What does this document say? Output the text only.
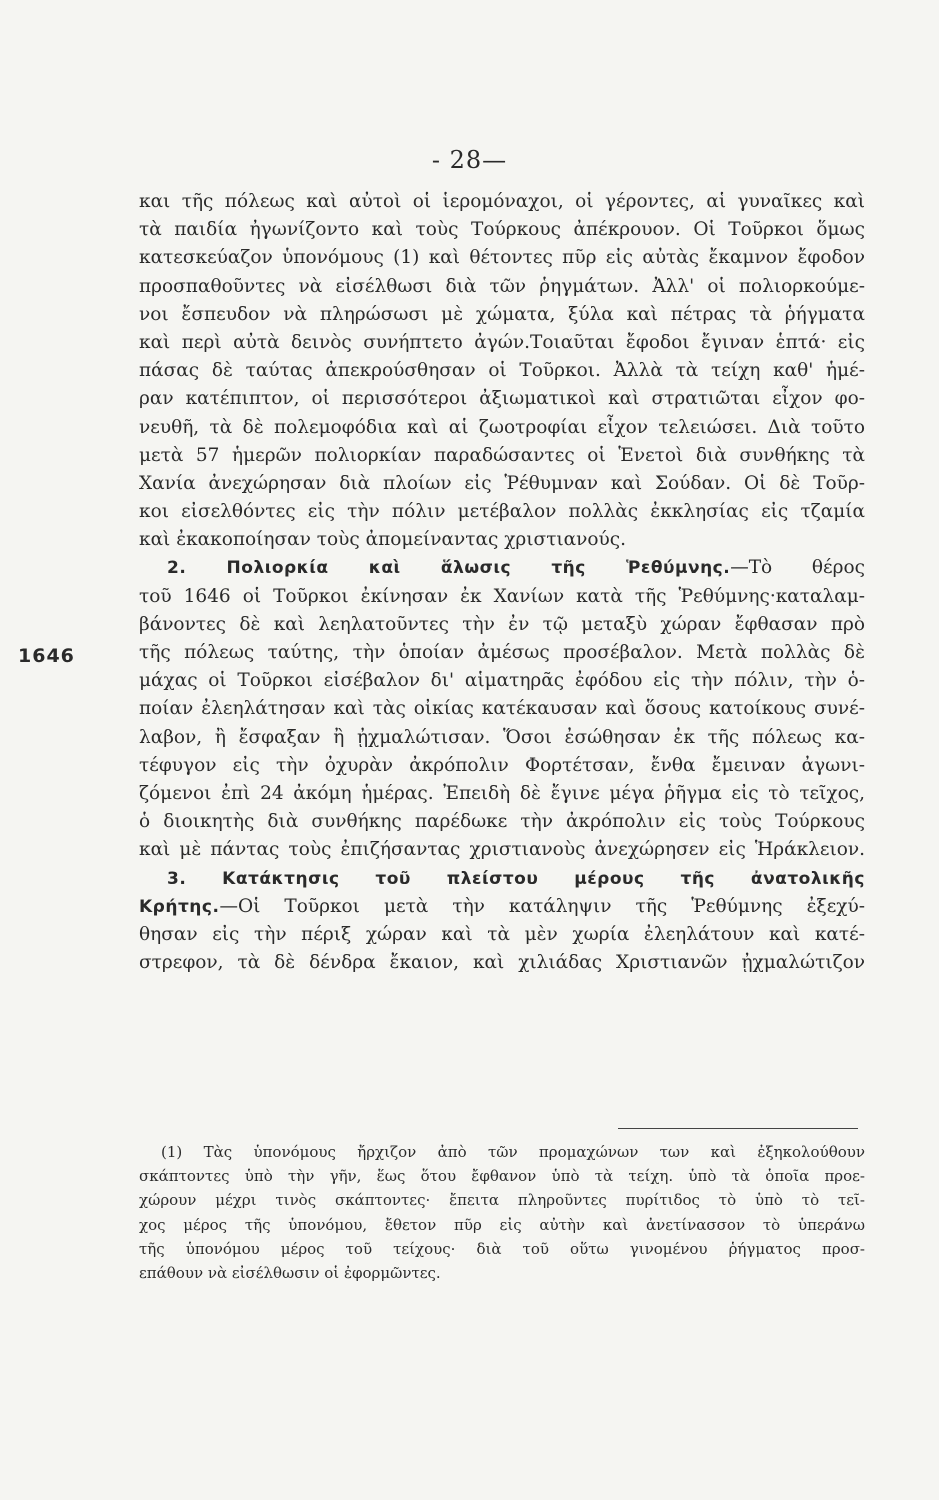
- 28—
1646
και τῆς πόλεως καὶ αὐτοὶ οἱ ἱερομόναχοι, οἱ γέροντες, αἱ γυναῖκες καὶ
τὰ παιδία ἠγωνίζοντο καὶ τοὺς Τούρκους ἀπέκρουον. Οἱ Τοῦρκοι ὅμως
κατεσκεύαζον ὑπονόμους (1) καὶ θέτοντες πῦρ εἰς αὐτὰς ἔκαμνον ἔφοδον
προσπαθοῦντες νὰ εἰσέλθωσι διὰ τῶν ῥηγμάτων. Ἀλλ' οἱ πολιορκούμε-
νοι ἔσπευδον νὰ πληρώσωσι μὲ χώματα, ξύλα καὶ πέτρας τὰ ῥήγματα
καὶ περὶ αὐτὰ δεινὸς συνήπτετο ἀγών.Τοιαῦται ἔφοδοι ἔγιναν ἑπτά· εἰς
πάσας δὲ ταύτας ἀπεκρούσθησαν οἱ Τοῦρκοι. Ἀλλὰ τὰ τείχη καθ' ἡμέ-
ραν κατέπιπτον, οἱ περισσότεροι ἀξιωματικοὶ καὶ στρατιῶται εἶχον φο-
νευθῆ, τὰ δὲ πολεμοφόδια καὶ αἱ ζωοτροφίαι εἶχον τελειώσει. Διὰ τοῦτο
μετὰ 57 ἡμερῶν πολιορκίαν παραδώσαντες οἱ Ἑνετοὶ διὰ συνθήκης τὰ
Χανία ἀνεχώρησαν διὰ πλοίων εἰς Ῥέθυμναν καὶ Σούδαν. Οἱ δὲ Τοῦρ-
κοι εἰσελθόντες εἰς τὴν πόλιν μετέβαλον πολλὰς ἐκκλησίας εἰς τζαμία
καὶ ἐκακοποίησαν τοὺς ἀπομείναντας χριστιανούς.
2. Πολιορκία καὶ ἅλωσις τῆς Ῥεθύμνης.—Τὸ θέρος
τοῦ 1646 οἱ Τοῦρκοι ἐκίνησαν ἐκ Χανίων κατὰ τῆς Ῥεθύμνης·καταλαμ-
βάνοντες δὲ καὶ λεηλατοῦντες τὴν ἐν τῷ μεταξὺ χώραν ἔφθασαν πρὸ
τῆς πόλεως ταύτης, τὴν ὁποίαν ἀμέσως προσέβαλον. Μετὰ πολλὰς δὲ
μάχας οἱ Τοῦρκοι εἰσέβαλον δι' αἱματηρᾶς ἐφόδου εἰς τὴν πόλιν, τὴν ὁ-
ποίαν ἐλεηλάτησαν καὶ τὰς οἰκίας κατέκαυσαν καὶ ὅσους κατοίκους συνέ-
λαβον, ἢ ἔσφαξαν ἢ ᾐχμαλώτισαν. Ὅσοι ἐσώθησαν ἐκ τῆς πόλεως κα-
τέφυγον εἰς τὴν ὀχυρὰν ἀκρόπολιν Φορτέτσαν, ἔνθα ἔμειναν ἀγωνι-
ζόμενοι ἐπὶ 24 ἀκόμη ἡμέρας. Ἐπειδὴ δὲ ἔγινε μέγα ῥῆγμα εἰς τὸ τεῖχος,
ὁ διοικητὴς διὰ συνθήκης παρέδωκε τὴν ἀκρόπολιν εἰς τοὺς Τούρκους
καὶ μὲ πάντας τοὺς ἐπιζήσαντας χριστιανοὺς ἀνεχώρησεν εἰς Ἡράκλειον.
3. Κατάκτησις τοῦ πλείστου μέρους τῆς ἀνατολικῆς
Κρήτης.—Οἱ Τοῦρκοι μετὰ τὴν κατάληψιν τῆς Ῥεθύμνης ἐξεχύ-
θησαν εἰς τὴν πέριξ χώραν καὶ τὰ μὲν χωρία ἐλεηλάτουν καὶ κατέ-
στρεφον, τὰ δὲ δένδρα ἔκαιον, καὶ χιλιάδας Χριστιανῶν ᾐχμαλώτιζον
(1) Τὰς ὑπονόμους ἤρχιζον ἀπὸ τῶν προμαχώνων των καὶ ἐξηκολούθουν
σκάπτοντες ὑπὸ τὴν γῆν, ἕως ὅτου ἔφθανον ὑπὸ τὰ τείχη. ὑπὸ τὰ ὁποῖα προε-
χώρουν μέχρι τινὸς σκάπτοντες· ἔπειτα πληροῦντες πυρίτιδος τὸ ὑπὸ τὸ τεῖ-
χος μέρος τῆς ὑπονόμου, ἔθετον πῦρ εἰς αὐτὴν καὶ ἀνετίνασσον τὸ ὑπεράνω
τῆς ὑπονόμου μέρος τοῦ τείχους· διὰ τοῦ οὕτω γινομένου ῥήγματος προσ-
επάθουν νὰ εἰσέλθωσιν οἱ ἐφορμῶντες.
